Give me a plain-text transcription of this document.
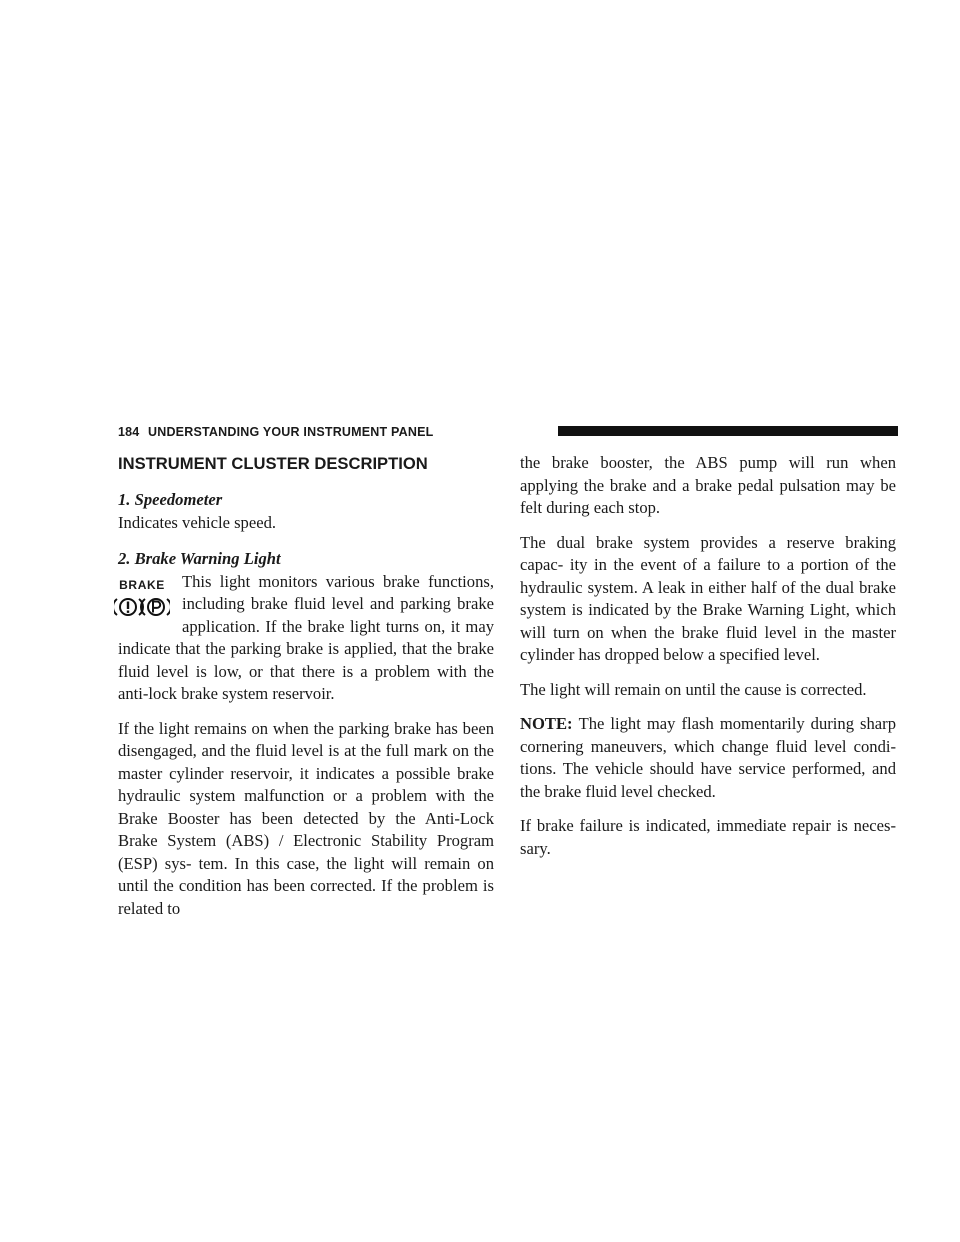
184 UNDERSTANDING YOUR INSTRUMENT PANEL
INSTRUMENT CLUSTER DESCRIPTION

1. Speedometer

Indicates vehicle speed.

2. Brake Warning Light

BRAKE	This light monitors various brake functions, including brake fluid level and parking brake application. If the brake light turns on, it may indicate that the parking brake is applied, that the brake fluid level is low, or that there is a problem with the anti-lock brake system reservoir.

If the light remains on when the parking brake has been disengaged, and the fluid level is at the full mark on the master cylinder reservoir, it indicates a possible brake hydraulic system malfunction or a problem with the Brake Booster has been detected by the Anti-Lock Brake System (ABS) / Electronic Stability Program (ESP) sys- tem. In this case, the light will remain on until the condition has been corrected. If the problem is related to

the brake booster, the ABS pump will run when applying the brake and a brake pedal pulsation may be felt during each stop.

The dual brake system provides a reserve braking capac- ity in the event of a failure to a portion of the hydraulic system. A leak in either half of the dual brake system is indicated by the Brake Warning Light, which will turn on when the brake fluid level in the master cylinder has dropped below a specified level.

The light will remain on until the cause is corrected.

NOTE: The light may flash momentarily during sharp cornering maneuvers, which change fluid level condi- tions. The vehicle should have service performed, and the brake fluid level checked.

If brake failure is indicated, immediate repair is neces- sary.
